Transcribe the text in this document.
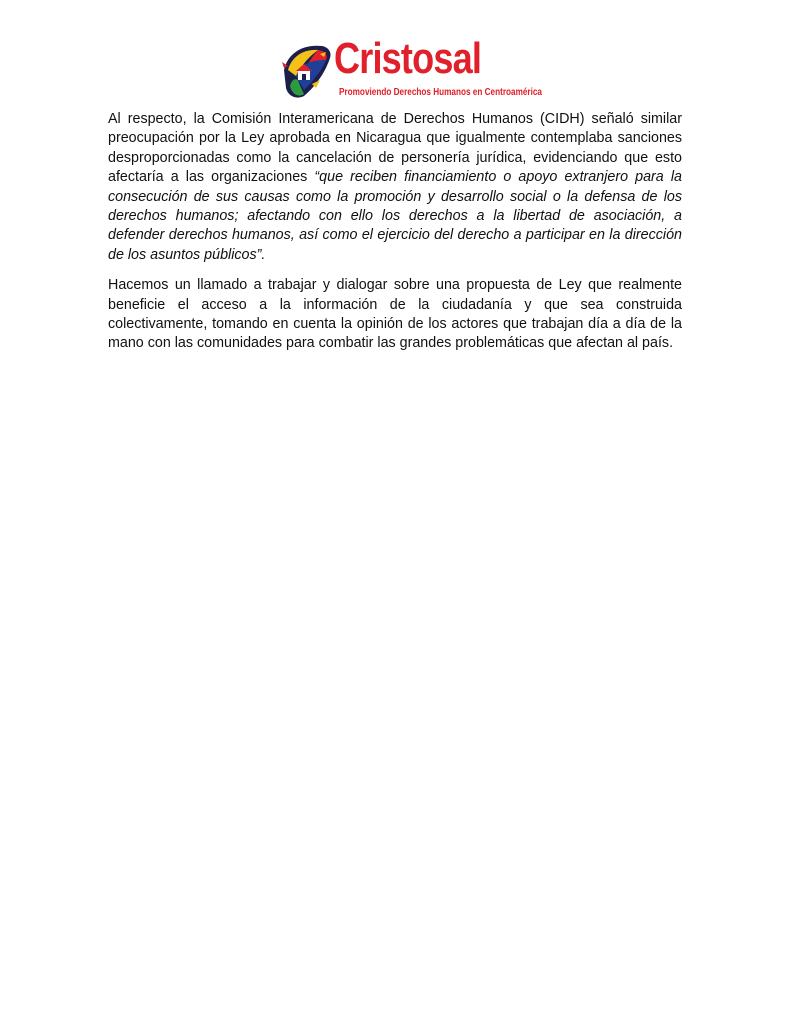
Cristosal
Promoviendo Derechos Humanos en Centroamérica

Al respecto, la Comisión Interamericana de Derechos Humanos (CIDH) señaló similar preocupación por la Ley aprobada en Nicaragua que igualmente contemplaba sanciones desproporcionadas como la cancelación de personería jurídica, evidenciando que esto afectaría a las organizaciones “que reciben financiamiento o apoyo extranjero para la consecución de sus causas como la promoción y desarrollo social o la defensa de los derechos humanos; afectando con ello los derechos a la libertad de asociación, a defender derechos humanos, así como el ejercicio del derecho a participar en la dirección de los asuntos públicos”.

Hacemos un llamado a trabajar y dialogar sobre una propuesta de Ley que realmente beneficie el acceso a la información de la ciudadanía y que sea construida colectivamente, tomando en cuenta la opinión de los actores que trabajan día a día de la mano con las comunidades para combatir las grandes problemáticas que afectan al país.
